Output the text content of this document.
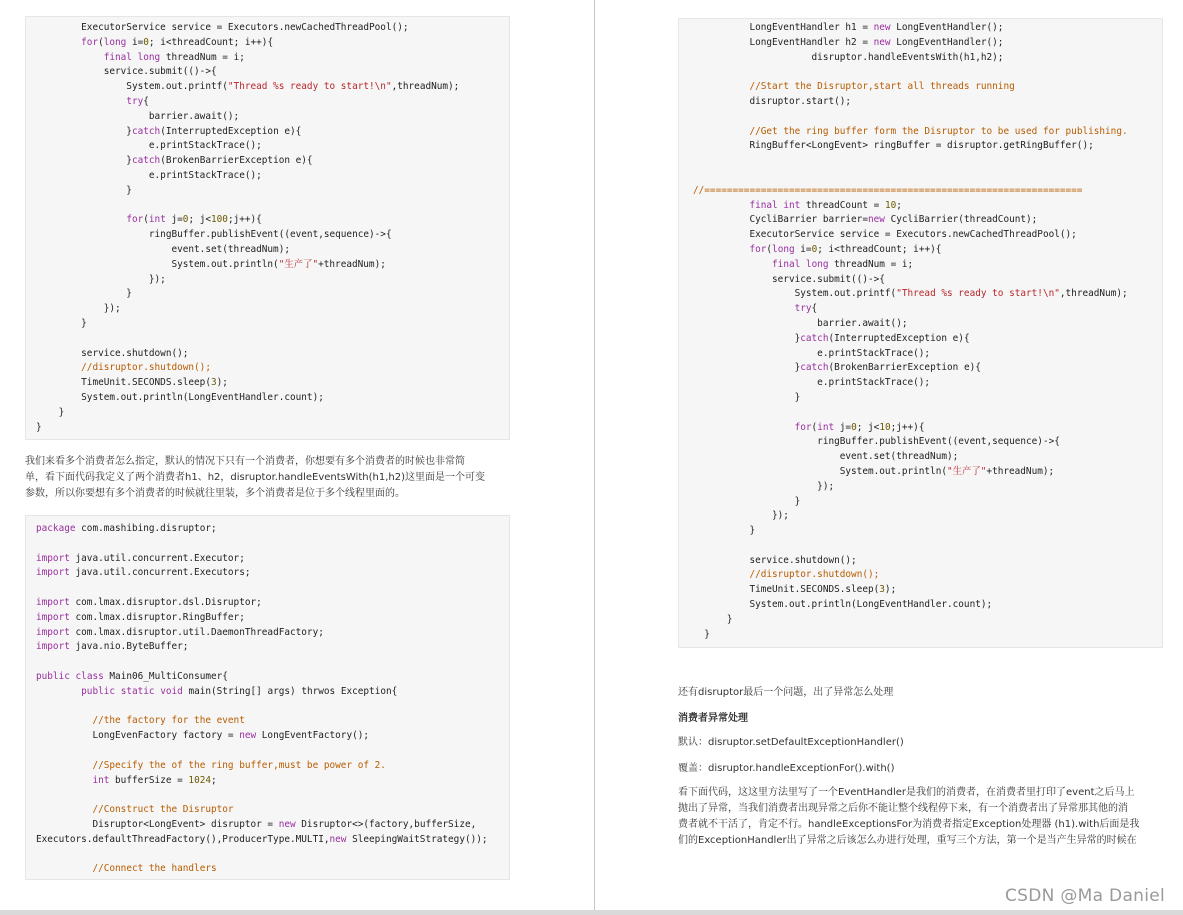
ExecutorService service = Executors.newCachedThreadPool();
for(long i=0; i<threadCount; i++){
final long threadNum = i;
service.submit(()->{
System.out.printf("Thread %s ready to start!\n",threadNum);
try{
barrier.await();
}catch(InterruptedException e){
e.printStackTrace();
}catch(BrokenBarrierException e){
e.printStackTrace();
}

for(int j=0; j<100;j++){
ringBuffer.publishEvent((event,sequence)->{
event.set(threadNum);
System.out.println("生产了"+threadNum);
});
}
});
}

service.shutdown();
//disruptor.shutdown();
TimeUnit.SECONDS.sleep(3);
System.out.println(LongEventHandler.count);
}
}
我们来看多个消费者怎么指定，默认的情况下只有一个消费者，你想要有多个消费者的时候也非常简
单，看下面代码我定义了两个消费者h1、h2，disruptor.handleEventsWith(h1,h2)这里面是一个可变
参数，所以你要想有多个消费者的时候就往里装，多个消费者是位于多个线程里面的。
package com.mashibing.disruptor;

import java.util.concurrent.Executor;
import java.util.concurrent.Executors;

import com.lmax.disruptor.dsl.Disruptor;
import com.lmax.disruptor.RingBuffer;
import com.lmax.disruptor.util.DaemonThreadFactory;
import java.nio.ByteBuffer;

public class Main06_MultiConsumer{
public static void main(String[] args) thrwos Exception{

//the factory for the event
LongEvenFactory factory = new LongEventFactory();

//Specify the of the ring buffer,must be power of 2.
int bufferSize = 1024;

//Construct the Disruptor
Disruptor<LongEvent> disruptor = new Disruptor<>(factory,bufferSize,
Executors.defaultThreadFactory(),ProducerType.MULTI,new SleepingWaitStrategy());

//Connect the handlers
LongEventHandler h1 = new LongEventHandler();
LongEventHandler h2 = new LongEventHandler();
disruptor.handleEventsWith(h1,h2);

//Start the Disruptor,start all threads running
disruptor.start();

//Get the ring buffer form the Disruptor to be used for publishing.
RingBuffer<LongEvent> ringBuffer = disruptor.getRingBuffer();

//===================================================================
final int threadCount = 10;
CycliBarrier barrier=new CycliBarrier(threadCount);
ExecutorService service = Executors.newCachedThreadPool();
for(long i=0; i<threadCount; i++){
final long threadNum = i;
service.submit(()->{
System.out.printf("Thread %s ready to start!\n",threadNum);
try{
barrier.await();
}catch(InterruptedException e){
e.printStackTrace();
}catch(BrokenBarrierException e){
e.printStackTrace();
}

for(int j=0; j<10;j++){
ringBuffer.publishEvent((event,sequence)->{
event.set(threadNum);
System.out.println("生产了"+threadNum);
});
}
});
}

service.shutdown();
//disruptor.shutdown();
TimeUnit.SECONDS.sleep(3);
System.out.println(LongEventHandler.count);
}
}
还有disruptor最后一个问题，出了异常怎么处理
消费者异常处理
默认：disruptor.setDefaultExceptionHandler()
覆盖：disruptor.handleExceptionFor().with()
看下面代码，这这里方法里写了一个EventHandler是我们的消费者，在消费者里打印了event之后马上
抛出了异常，当我们消费者出现异常之后你不能让整个线程停下来，有一个消费者出了异常那其他的消
费者就不干活了，肯定不行。handleExceptionsFor为消费者指定Exception处理器 (h1).with后面是我
们的ExceptionHandler出了异常之后该怎么办进行处理，重写三个方法，第一个是当产生异常的时候在
CSDN @Ma Daniel
